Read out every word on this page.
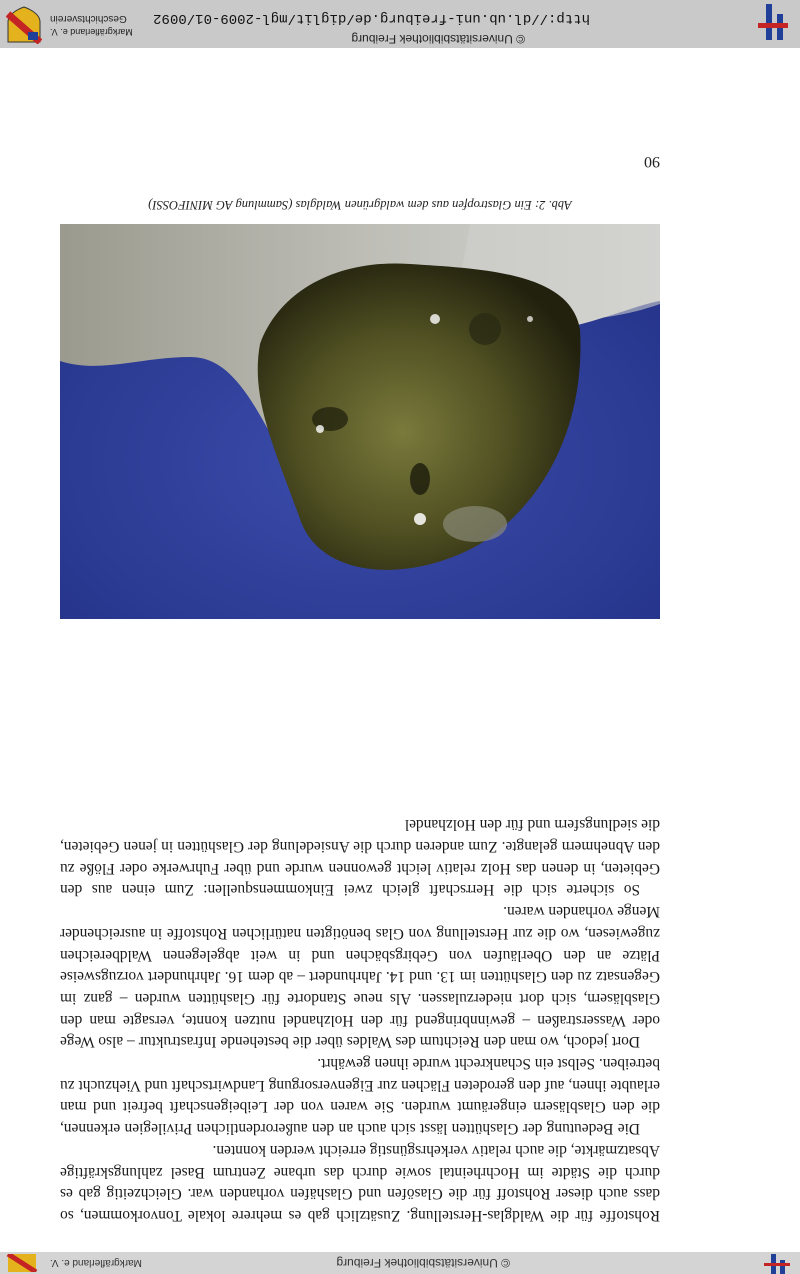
© Universitätsbibliothek Freiburg
Markgräflerland e. V.

Rohstoffe für die Waldglas-Herstellung. Zusätzlich gab es mehrere lokale Tonvorkommen, so dass auch dieser Rohstoff für die Glasöfen und Glashäfen vorhanden war. Gleichzeitig gab es durch die Städte im Hochrheintal sowie durch das urbane Zentrum Basel zahlungskräftige Absatzmärkte, die auch relativ verkehrsgünstig erreicht werden konnten.

Die Bedeutung der Glashütten lässt sich auch an den außerordentlichen Privilegien erkennen, die den Glasbläsern eingeräumt wurden. Sie waren von der Leibeigenschaft befreit und man erlaubte ihnen, auf den gerodeten Flächen zur Eigenversorgung Landwirtschaft und Viehzucht zu betreiben. Selbst ein Schankrecht wurde ihnen gewährt.

Dort jedoch, wo man den Reichtum des Waldes über die bestehende Infrastruktur – also Wege oder Wasserstraßen – gewinnbringend für den Holzhandel nutzen konnte, versagte man den Glasbläsern, sich dort niederzulassen. Als neue Standorte für Glashütten wurden – ganz im Gegensatz zu den Glashütten im 13. und 14. Jahrhundert – ab dem 16. Jahrhundert vorzugsweise Plätze an den Oberläufen von Gebirgsbächen und in weit abgelegenen Waldbereichen zugewiesen, wo die zur Herstellung von Glas benötigten natürlichen Rohstoffe in ausreichender Menge vorhanden waren.

So sicherte sich die Herrschaft gleich zwei Einkommensquellen: Zum einen aus den Gebieten, in denen das Holz relativ leicht gewonnen wurde und über Fuhrwerke oder Flöße zu den Abnehmern gelangte. Zum anderen durch die Ansiedelung der Glashütten in jenen Gebieten, die siedlungsfern und für den Holzhandel

Abb. 2: Ein Glastropfen aus dem waldgrünen Waldglas (Sammlung AG MINIFOSSI)
90
© Universitätsbibliothek Freiburg
http://dl.ub.uni-freiburg.de/diglit/mgl-2009-01/0092
Geschichtsverein
Markgräflerland e. V.
